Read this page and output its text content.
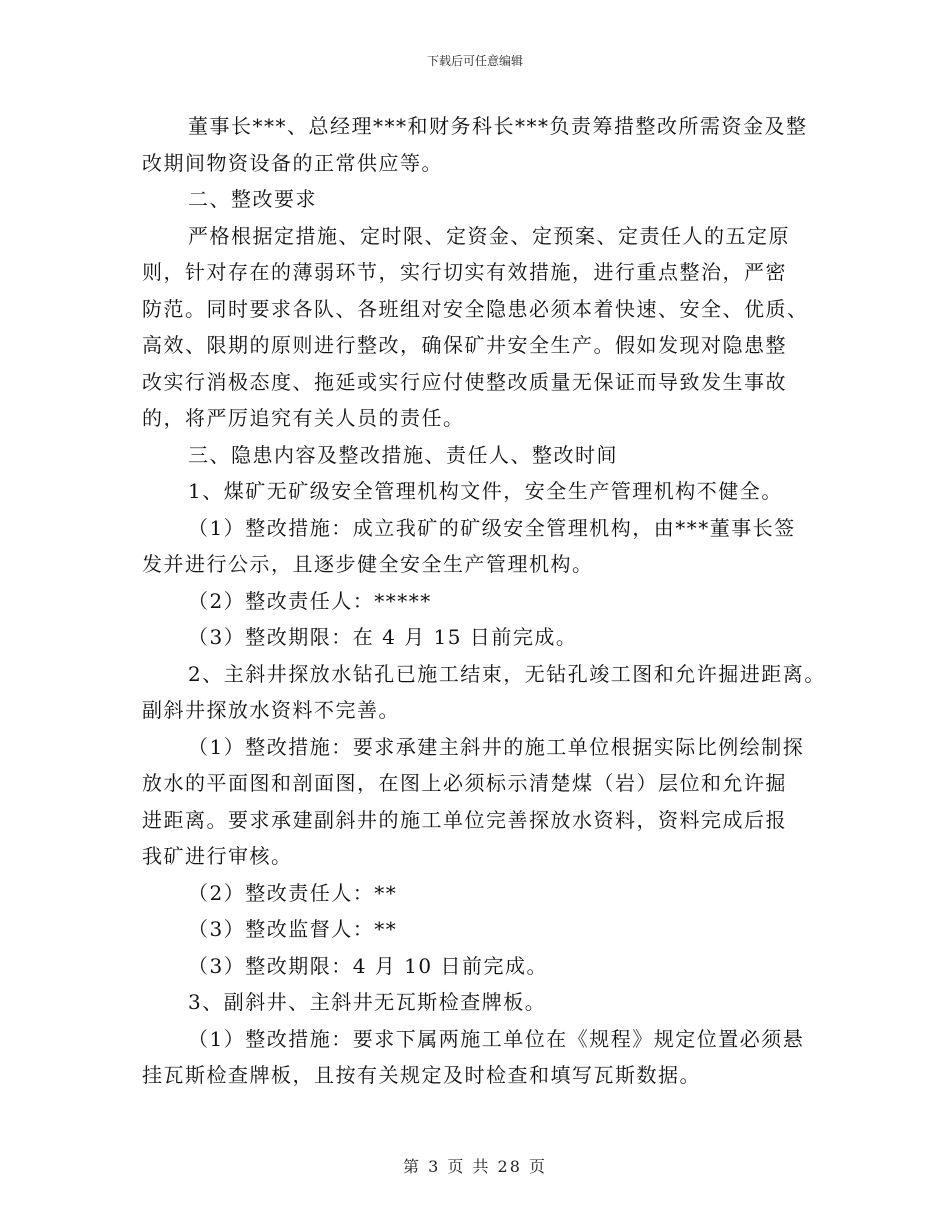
下载后可任意编辑

董事长***、总经理***和财务科长***负责筹措整改所需资金及整

改期间物资设备的正常供应等。

二、整改要求

严格根据定措施、定时限、定资金、定预案、定责任人的五定原

则，针对存在的薄弱环节，实行切实有效措施，进行重点整治，严密

防范。同时要求各队、各班组对安全隐患必须本着快速、安全、优质、

高效、限期的原则进行整改，确保矿井安全生产。假如发现对隐患整

改实行消极态度、拖延或实行应付使整改质量无保证而导致发生事故

的，将严厉追究有关人员的责任。

三、隐患内容及整改措施、责任人、整改时间

1、煤矿无矿级安全管理机构文件，安全生产管理机构不健全。

（1）整改措施：成立我矿的矿级安全管理机构，由***董事长签

发并进行公示，且逐步健全安全生产管理机构。

（2）整改责任人：*****

（3）整改期限：在 4 月 15 日前完成。

2、主斜井探放水钻孔已施工结束，无钻孔竣工图和允许掘进距离。

副斜井探放水资料不完善。

（1）整改措施：要求承建主斜井的施工单位根据实际比例绘制探

放水的平面图和剖面图，在图上必须标示清楚煤（岩）层位和允许掘

进距离。要求承建副斜井的施工单位完善探放水资料，资料完成后报

我矿进行审核。

（2）整改责任人：**

（3）整改监督人：**

（3）整改期限：4 月 10 日前完成。

3、副斜井、主斜井无瓦斯检查牌板。

（1）整改措施：要求下属两施工单位在《规程》规定位置必须悬

挂瓦斯检查牌板，且按有关规定及时检查和填写瓦斯数据。

第 3 页 共 28 页
